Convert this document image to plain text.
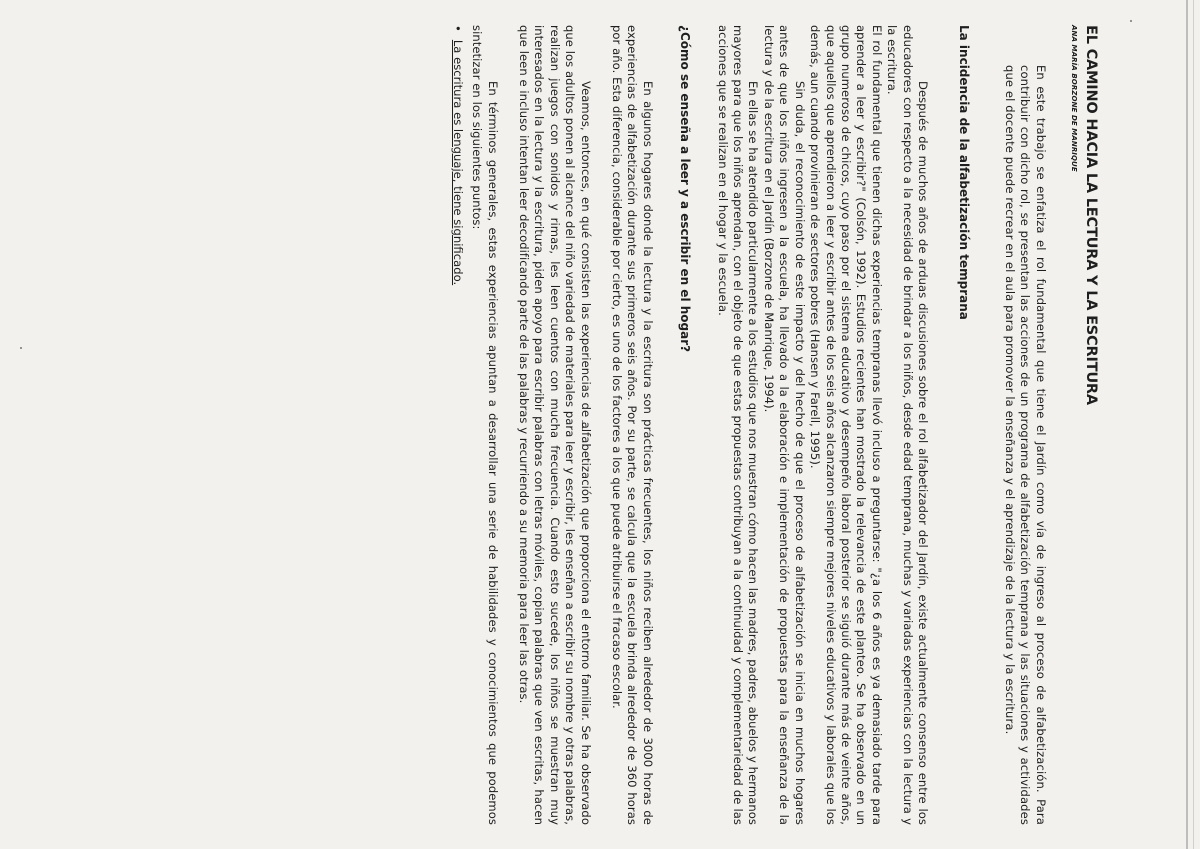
EL CAMINO HACIA LA LECTURA Y LA ESCRITURA
ANA MARÍA BORZONE DE MANRIQUE

En este trabajo se enfatiza el rol fundamental que tiene el Jardín como vía de ingreso al proceso de alfabetización. Para contribuir con dicho rol, se presentan las acciones de un programa de alfabetización temprana y las situaciones y actividades que el docente puede recrear en el aula para promover la enseñanza y el aprendizaje de la lectura y la escritura.

La incidencia de la alfabetización temprana

Después de muchos años de arduas discusiones sobre el rol alfabetizador del Jardín, existe actualmente consenso entre los educadores con respecto a la necesidad de brindar a los niños, desde edad temprana, muchas y variadas experiencias con la lectura y la escritura.

El rol fundamental que tienen dichas experiencias tempranas llevó incluso a preguntarse: "¿a los 6 años es ya demasiado tarde para aprender a leer y escribir?" (Colsón, 1992). Estudios recientes han mostrado la relevancia de este planteo. Se ha observado en un grupo numeroso de chicos, cuyo paso por el sistema educativo y desempeño laboral posterior se siguió durante más de veinte años, que aquellos que aprendieron a leer y escribir antes de los seis años alcanzaron siempre mejores niveles educativos y laborales que los demás, aun cuando provinieran de sectores pobres (Hansen y Farell, 1995).

Sin duda, el reconocimiento de este impacto y del hecho de que el proceso de alfabetización se inicia en muchos hogares antes de que los niños ingresen a la escuela, ha llevado a la elaboración e implementación de propuestas para la enseñanza de la lectura y de la escritura en el Jardín (Borzone de Manrique, 1994).

En ellas se ha atendido particularmente a los estudios que nos muestran cómo hacen las madres, padres, abuelos y hermanos mayores para que los niños aprendan, con el objeto de que estas propuestas contribuyan a la continuidad y complementariedad de las acciones que se realizan en el hogar y la escuela.

¿Cómo se enseña a leer y a escribir en el hogar?

En algunos hogares donde la lectura y la escritura son prácticas frecuentes, los niños reciben alrededor de 3000 horas de experiencias de alfabetización durante sus primeros seis años. Por su parte, se calcula que la escuela brinda alrededor de 360 horas por año. Esta diferencia, considerable por cierto, es uno de los factores a los que puede atribuirse el fracaso escolar.

Veamos, entonces, en qué consisten las experiencias de alfabetización que proporciona el entorno familiar. Se ha observado que los adultos ponen al alcance del niño variedad de materiales para leer y escribir, les enseñan a escribir su nombre y otras palabras, realizan juegos con sonidos y rimas, les leen cuentos con mucha frecuencia. Cuando esto sucede, los niños se muestran muy interesados en la lectura y la escritura, piden apoyo para escribir palabras con letras móviles, copian palabras que ven escritas, hacen que leen e incluso intentan leer decodificando parte de las palabras y recurriendo a su memoria para leer las otras.

En términos generales, estas experiencias apuntan a desarrollar una serie de habilidades y conocimientos que podemos sintetizar en los siguientes puntos:

•La escritura es lenguaje, tiene significado.
